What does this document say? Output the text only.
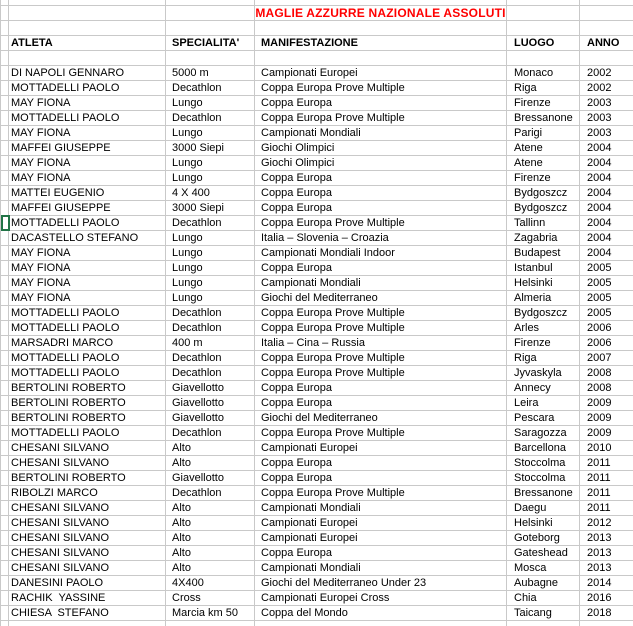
MAGLIE AZZURRE NAZIONALE ASSOLUTI
ATLETA	SPECIALITA'	MANIFESTAZIONE	LUOGO	ANNO
DI NAPOLI GENNARO	5000 m	Campionati Europei	Monaco	2002
MOTTADELLI PAOLO	Decathlon	Coppa Europa Prove Multiple	Riga	2002
MAY FIONA	Lungo	Coppa Europa	Firenze	2003
MOTTADELLI PAOLO	Decathlon	Coppa Europa Prove Multiple	Bressanone	2003
MAY FIONA	Lungo	Campionati Mondiali	Parigi	2003
MAFFEI GIUSEPPE	3000 Siepi	Giochi Olimpici	Atene	2004
MAY FIONA	Lungo	Giochi Olimpici	Atene	2004
MAY FIONA	Lungo	Coppa Europa	Firenze	2004
MATTEI EUGENIO	4 X 400	Coppa Europa	Bydgoszcz	2004
MAFFEI GIUSEPPE	3000 Siepi	Coppa Europa	Bydgoszcz	2004
MOTTADELLI PAOLO	Decathlon	Coppa Europa Prove Multiple	Tallinn	2004
DACASTELLO STEFANO	Lungo	Italia – Slovenia – Croazia	Zagabria	2004
MAY FIONA	Lungo	Campionati Mondiali Indoor	Budapest	2004
MAY FIONA	Lungo	Coppa Europa	Istanbul	2005
MAY FIONA	Lungo	Campionati Mondiali	Helsinki	2005
MAY FIONA	Lungo	Giochi del Mediterraneo	Almeria	2005
MOTTADELLI PAOLO	Decathlon	Coppa Europa Prove Multiple	Bydgoszcz	2005
MOTTADELLI PAOLO	Decathlon	Coppa Europa Prove Multiple	Arles	2006
MARSADRI MARCO	400 m	Italia – Cina – Russia	Firenze	2006
MOTTADELLI PAOLO	Decathlon	Coppa Europa Prove Multiple	Riga	2007
MOTTADELLI PAOLO	Decathlon	Coppa Europa Prove Multiple	Jyvaskyla	2008
BERTOLINI ROBERTO	Giavellotto	Coppa Europa	Annecy	2008
BERTOLINI ROBERTO	Giavellotto	Coppa Europa	Leira	2009
BERTOLINI ROBERTO	Giavellotto	Giochi del Mediterraneo	Pescara	2009
MOTTADELLI PAOLO	Decathlon	Coppa Europa Prove Multiple	Saragozza	2009
CHESANI SILVANO	Alto	Campionati Europei	Barcellona	2010
CHESANI SILVANO	Alto	Coppa Europa	Stoccolma	2011
BERTOLINI ROBERTO	Giavellotto	Coppa Europa	Stoccolma	2011
RIBOLZI MARCO	Decathlon	Coppa Europa Prove Multiple	Bressanone	2011
CHESANI SILVANO	Alto	Campionati Mondiali	Daegu	2011
CHESANI SILVANO	Alto	Campionati Europei	Helsinki	2012
CHESANI SILVANO	Alto	Campionati Europei	Goteborg	2013
CHESANI SILVANO	Alto	Coppa Europa	Gateshead	2013
CHESANI SILVANO	Alto	Campionati Mondiali	Mosca	2013
DANESINI PAOLO	4X400	Giochi del Mediterraneo Under 23	Aubagne	2014
RACHIK  YASSINE	Cross	Campionati Europei Cross	Chia	2016
CHIESA  STEFANO	Marcia km 50	Coppa del Mondo	Taicang	2018
